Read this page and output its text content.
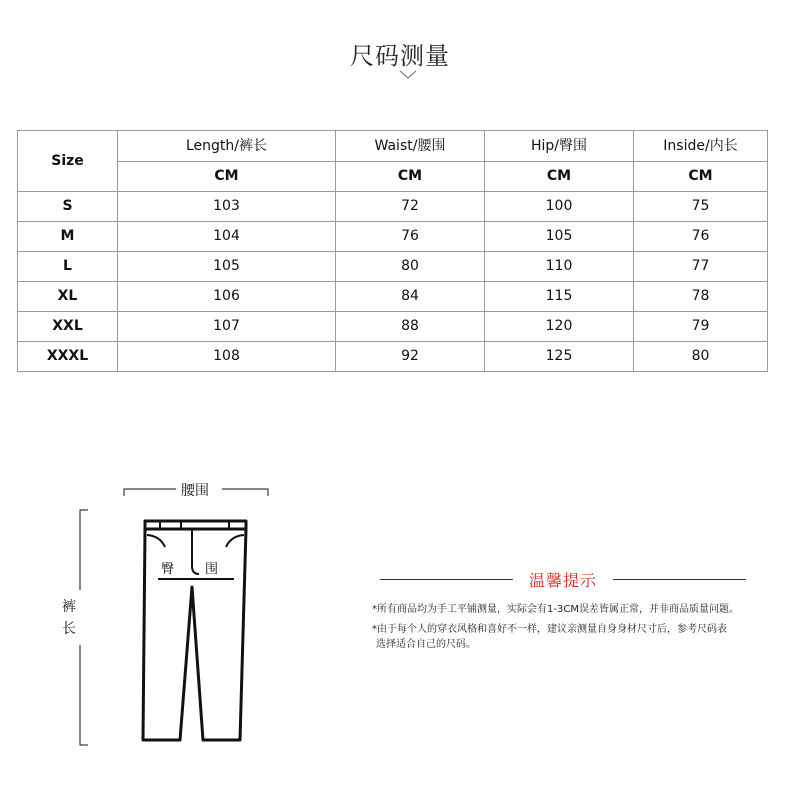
尺码测量
Size	Length/裤长	Waist/腰围	Hip/臀围	Inside/内长
	CM	CM	CM	CM
S	103	72	100	75
M	104	76	105	76
L	105	80	110	77
XL	106	84	115	78
XXL	107	88	120	79
XXXL	108	92	125	80
腰围
裤
长
臀 围
温馨提示
*所有商品均为手工平铺测量，实际会有1-3CM误差皆属正常，并非商品质量问题。
*由于每个人的穿衣风格和喜好不一样，建议亲测量自身身材尺寸后，参考尺码表
选择适合自己的尺码。
